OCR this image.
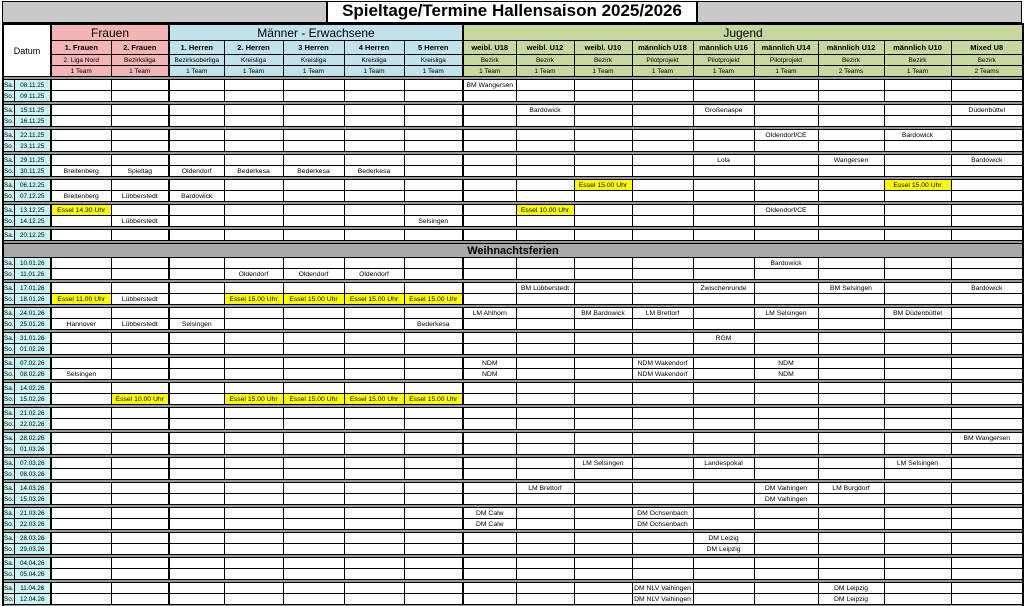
Spieltage/Termine Hallensaison 2025/2026
Datum		Frauen		Männer - Erwachsene					Jugend								
		1. Frauen	2. Frauen	1. Herren	2. Herren	3 Herren	4 Herren	5 Herren	weibl. U18	weibl. U12	weibl. U10	männlich U18	männlich U16	männlich U14	männlich U12	männlich U10	Mixed U8
		2. Liga Nord	Bezirksliga	Bezirksoberliga	Kreisliga	Kreisliga	Kreisliga	Kreisliga	Bezirk	Bezirk	Bezirk	Pilotprojekt	Pilotprojekt	Pilotprojekt	Bezirk	Bezirk	Bezirk
		1 Team	1 Team	1 Team	1 Team	1 Team	1 Team	1 Team	1 Team	1 Team	1 Team	1 Team	1 Team	1 Team	2 Teams	1 Team	2 Teams

Sa.	08.11.25								BM Wangersen								
So.	09.11.25																

Sa.	15.11.25									Bardowick			Großenaspe				Düdenbüttel
So.	16.11.25																

Sa.	22.11.25													Oldendorf/CE		Bardowick	
So.	23.11.25																

Sa.	29.11.25												Lola		Wangersen		Bardowick
So.	30.11.25	Breitenberg	Spieltag	Oldendorf	Bederkesa	Bederkesa	Bederkesa										

Sa.	06.12.25										Essel 15.00 Uhr					Essel 15.00 Uhr	
So.	07.12.25	Breitenberg	Lübberstedt	Bardowick													

Sa.	13.12.25	Essel 14.30 Uhr								Essel 10.00 Uhr				Oldendorf/CE			
So.	14.12.25		Lübberstedt					Selsingen									

Sa.	20.12.25																

Weihnachtsferien																	
Sa.	10.01.26													Bardowick			
So.	11.01.26				Oldendorf	Oldendorf	Oldendorf										

Sa.	17.01.26									BM Lübberstedt			Zwischenrunde		BM Selsingen		Bardowick
So.	18.01.26	Essel 11.00 Uhr	Lübberstedt		Essel 15.00 Uhr	Essel 15.00 Uhr	Essel 15.00 Uhr	Essel 15.00 Uhr									

Sa.	24.01.26								LM Ahlhorn		BM Bardowick	LM Brettorf		LM Selsingen		BM Düdenbüttel	
So.	25.01.26	Hannover	Lübberstedt	Selsingen				Bederkesa									

Sa.	31.01.26												RGM				
So.	01.02.26																

Sa.	07.02.26								NDM			NDM Wakendorf		NDM			
So.	08.02.26	Selsingen							NDM			NDM Wakendorf		NDM			

Sa.	14.02.26																
So.	15.02.26		Essel 10.00 Uhr		Essel 15.00 Uhr	Essel 15.00 Uhr	Essel 15.00 Uhr	Essel 15.00 Uhr									

Sa.	21.02.26																
So.	22.02.26																

Sa.	28.02.26																BM Wangersen
So.	01.03.26																

Sa.	07.03.26										LM Selsingen		Landespokal			LM Selsingen	
So.	08.03.26																

Sa.	14.03.26									LM Brettorf				DM Vaihingen	LM Burgdorf		
So.	15.03.26													DM Vaihingen			

Sa.	21.03.26								DM Calw			DM Ochsenbach					
So.	22.03.26								DM Calw			DM Ochsenbach					

Sa.	28.03.26												DM Leizig				
So.	29.03.26												DM Leipzig				

Sa.	04.04.26																
So.	05.04.26																

Sa.	11.04.26											DM NLV Vaihingen			DM Leipzig		
So.	12.04.26											DM NLV Vaihingen			DM Leipzig		
